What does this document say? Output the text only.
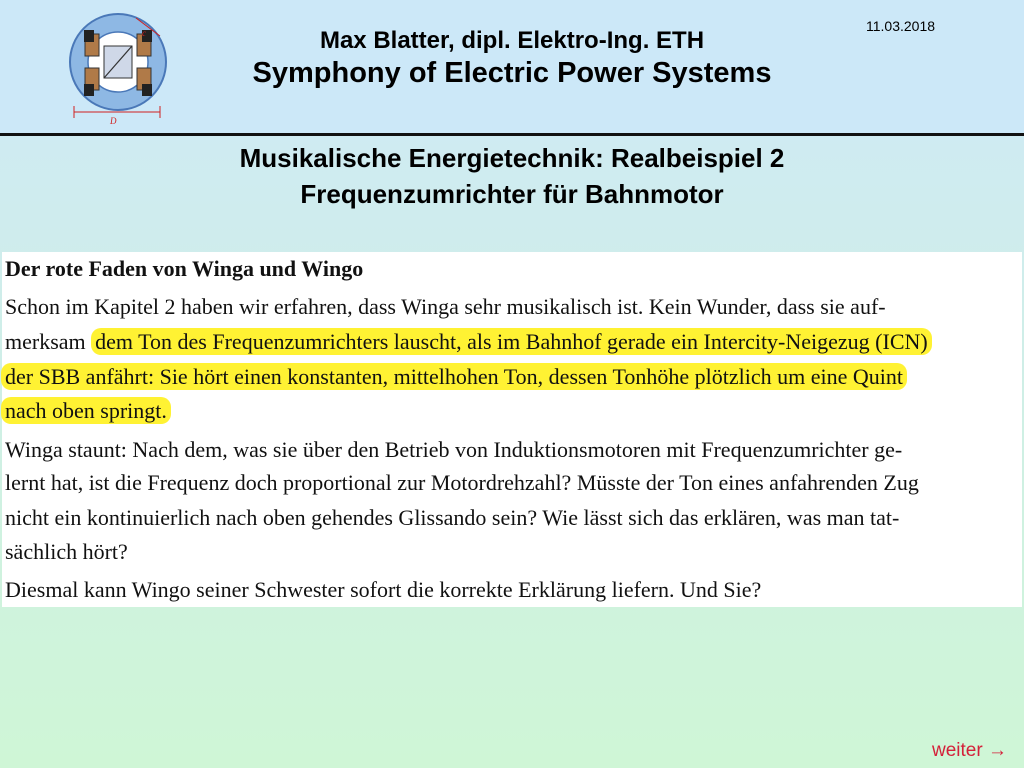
c
D
Max Blatter, dipl. Elektro-Ing. ETH
Symphony of Electric Power Systems
11.03.2018
Musikalische Energietechnik: Realbeispiel 2
Frequenzumrichter für Bahnmotor
Der rote Faden von Winga und Wingo
Schon im Kapitel 2 haben wir erfahren, dass Winga sehr musikalisch ist. Kein Wunder, dass sie auf-
merksam dem Ton des Frequenzumrichters lauscht, als im Bahnhof gerade ein Intercity-Neigezug (ICN)
der SBB anfährt: Sie hört einen konstanten, mittelhohen Ton, dessen Tonhöhe plötzlich um eine Quint
nach oben springt.
Winga staunt: Nach dem, was sie über den Betrieb von Induktionsmotoren mit Frequenzumrichter ge-
lernt hat, ist die Frequenz doch proportional zur Motordrehzahl? Müsste der Ton eines anfahrenden Zug
nicht ein kontinuierlich nach oben gehendes Glissando sein? Wie lässt sich das erklären, was man tat-
sächlich hört?
Diesmal kann Wingo seiner Schwester sofort die korrekte Erklärung liefern. Und Sie?
weiter →
